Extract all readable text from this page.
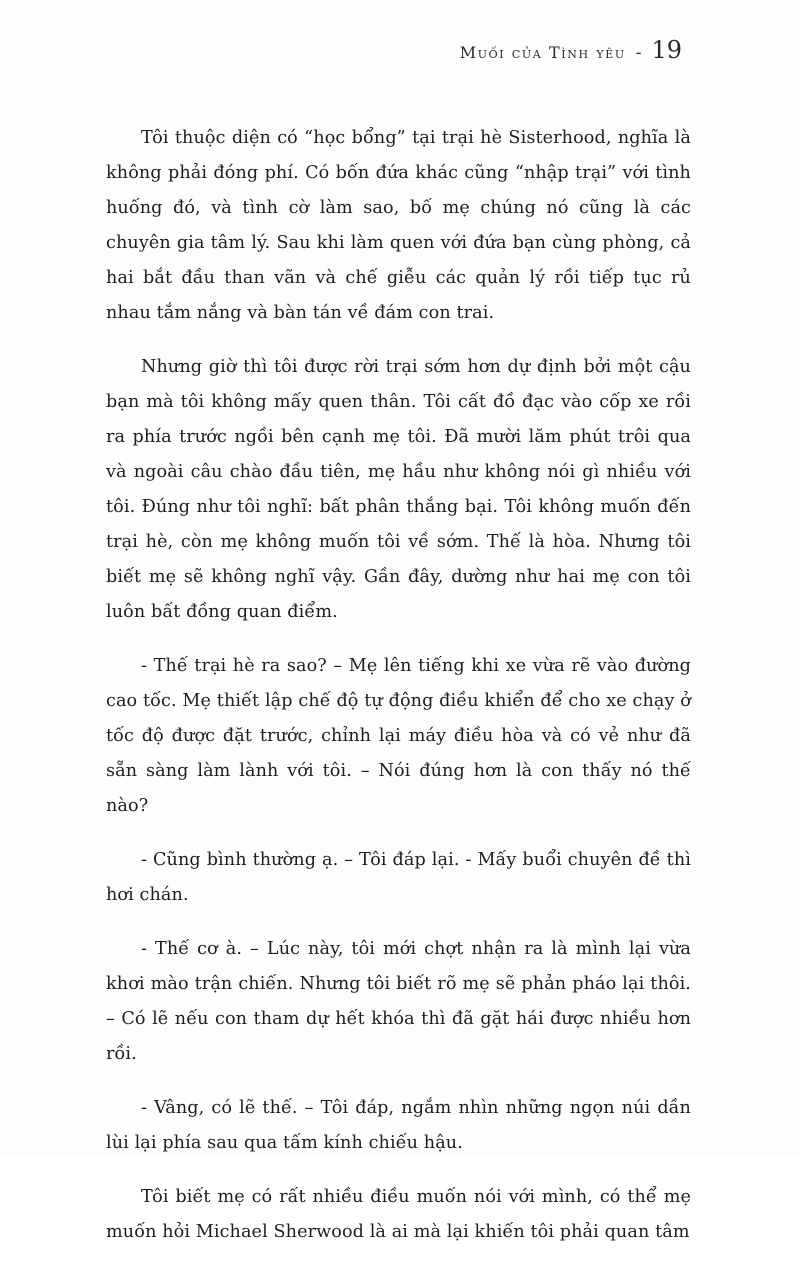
Muối của Tình yêu - 19

Tôi thuộc diện có “học bổng” tại trại hè Sisterhood, nghĩa là không phải đóng phí. Có bốn đứa khác cũng “nhập trại” với tình huống đó, và tình cờ làm sao, bố mẹ chúng nó cũng là các chuyên gia tâm lý. Sau khi làm quen với đứa bạn cùng phòng, cả hai bắt đầu than vãn và chế giễu các quản lý rồi tiếp tục rủ nhau tắm nắng và bàn tán về đám con trai.

Nhưng giờ thì tôi được rời trại sớm hơn dự định bởi một cậu bạn mà tôi không mấy quen thân. Tôi cất đồ đạc vào cốp xe rồi ra phía trước ngồi bên cạnh mẹ tôi. Đã mười lăm phút trôi qua và ngoài câu chào đầu tiên, mẹ hầu như không nói gì nhiều với tôi. Đúng như tôi nghĩ: bất phân thắng bại. Tôi không muốn đến trại hè, còn mẹ không muốn tôi về sớm. Thế là hòa. Nhưng tôi biết mẹ sẽ không nghĩ vậy. Gần đây, dường như hai mẹ con tôi luôn bất đồng quan điểm.

- Thế trại hè ra sao? – Mẹ lên tiếng khi xe vừa rẽ vào đường cao tốc. Mẹ thiết lập chế độ tự động điều khiển để cho xe chạy ở tốc độ được đặt trước, chỉnh lại máy điều hòa và có vẻ như đã sẵn sàng làm lành với tôi. – Nói đúng hơn là con thấy nó thế nào?

- Cũng bình thường ạ. – Tôi đáp lại. - Mấy buổi chuyên đề thì hơi chán.

- Thế cơ à. – Lúc này, tôi mới chợt nhận ra là mình lại vừa khơi mào trận chiến. Nhưng tôi biết rõ mẹ sẽ phản pháo lại thôi. – Có lẽ nếu con tham dự hết khóa thì đã gặt hái được nhiều hơn rồi.

- Vâng, có lẽ thế. – Tôi đáp, ngắm nhìn những ngọn núi dần lùi lại phía sau qua tấm kính chiếu hậu.

Tôi biết mẹ có rất nhiều điều muốn nói với mình, có thể mẹ muốn hỏi Michael Sherwood là ai mà lại khiến tôi phải quan tâm
